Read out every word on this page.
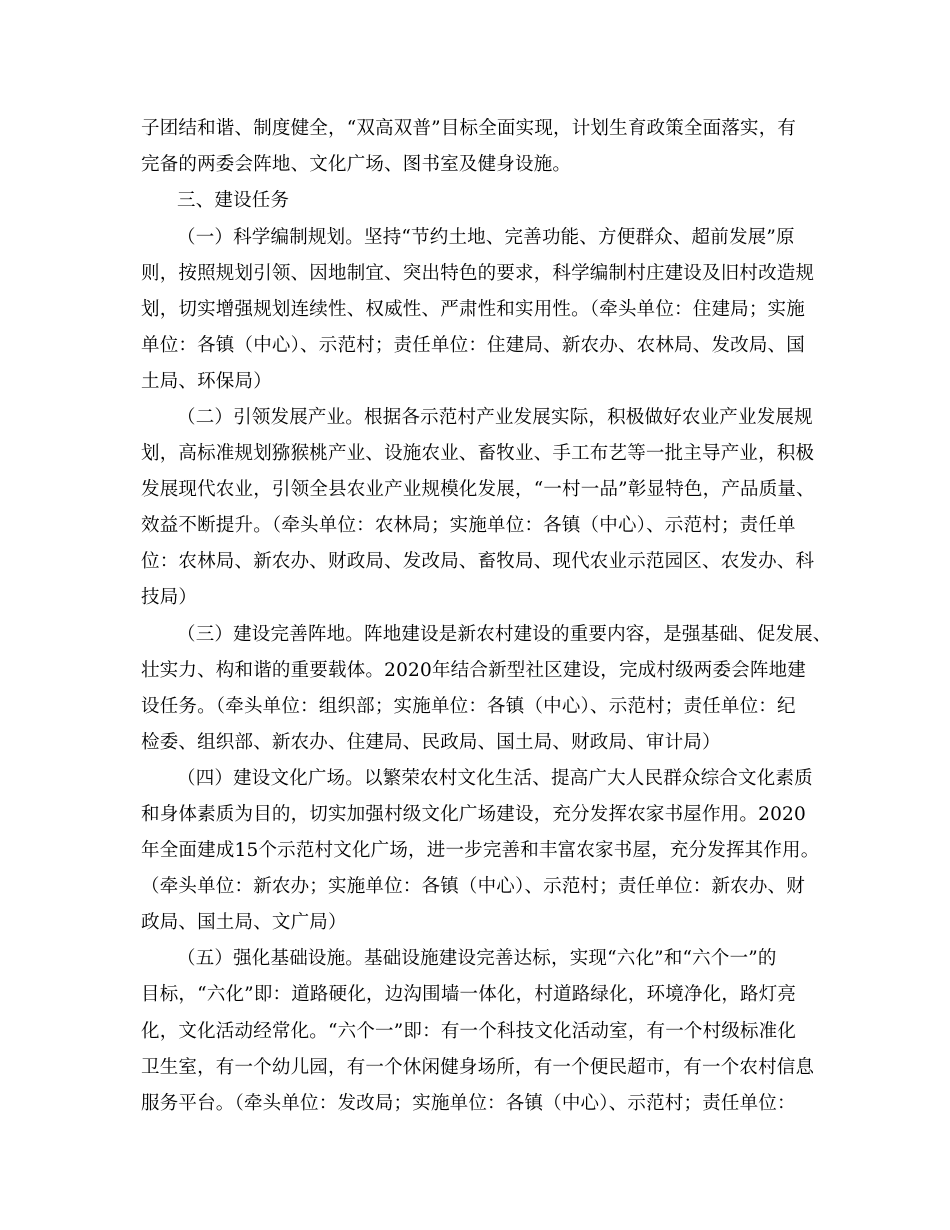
子团结和谐、制度健全，“双高双普”目标全面实现，计划生育政策全面落实，有
完备的两委会阵地、文化广场、图书室及健身设施。
三、建设任务
（一）科学编制规划。坚持“节约土地、完善功能、方便群众、超前发展”原
则，按照规划引领、因地制宜、突出特色的要求，科学编制村庄建设及旧村改造规
划，切实增强规划连续性、权威性、严肃性和实用性。（牵头单位：住建局；实施
单位：各镇（中心）、示范村；责任单位：住建局、新农办、农林局、发改局、国
土局、环保局）
（二）引领发展产业。根据各示范村产业发展实际，积极做好农业产业发展规
划，高标准规划猕猴桃产业、设施农业、畜牧业、手工布艺等一批主导产业，积极
发展现代农业，引领全县农业产业规模化发展，“一村一品”彰显特色，产品质量、
效益不断提升。（牵头单位：农林局；实施单位：各镇（中心）、示范村；责任单
位：农林局、新农办、财政局、发改局、畜牧局、现代农业示范园区、农发办、科
技局）
（三）建设完善阵地。阵地建设是新农村建设的重要内容，是强基础、促发展、
壮实力、构和谐的重要载体。2020年结合新型社区建设，完成村级两委会阵地建
设任务。（牵头单位：组织部；实施单位：各镇（中心）、示范村；责任单位：纪
检委、组织部、新农办、住建局、民政局、国土局、财政局、审计局）
（四）建设文化广场。以繁荣农村文化生活、提高广大人民群众综合文化素质
和身体素质为目的，切实加强村级文化广场建设，充分发挥农家书屋作用。2020
年全面建成15个示范村文化广场，进一步完善和丰富农家书屋，充分发挥其作用。
（牵头单位：新农办；实施单位：各镇（中心）、示范村；责任单位：新农办、财
政局、国土局、文广局）
（五）强化基础设施。基础设施建设完善达标，实现“六化”和“六个一”的
目标，“六化”即：道路硬化，边沟围墙一体化，村道路绿化，环境净化，路灯亮
化，文化活动经常化。“六个一”即：有一个科技文化活动室，有一个村级标准化
卫生室，有一个幼儿园，有一个休闲健身场所，有一个便民超市，有一个农村信息
服务平台。（牵头单位：发改局；实施单位：各镇（中心）、示范村；责任单位：
